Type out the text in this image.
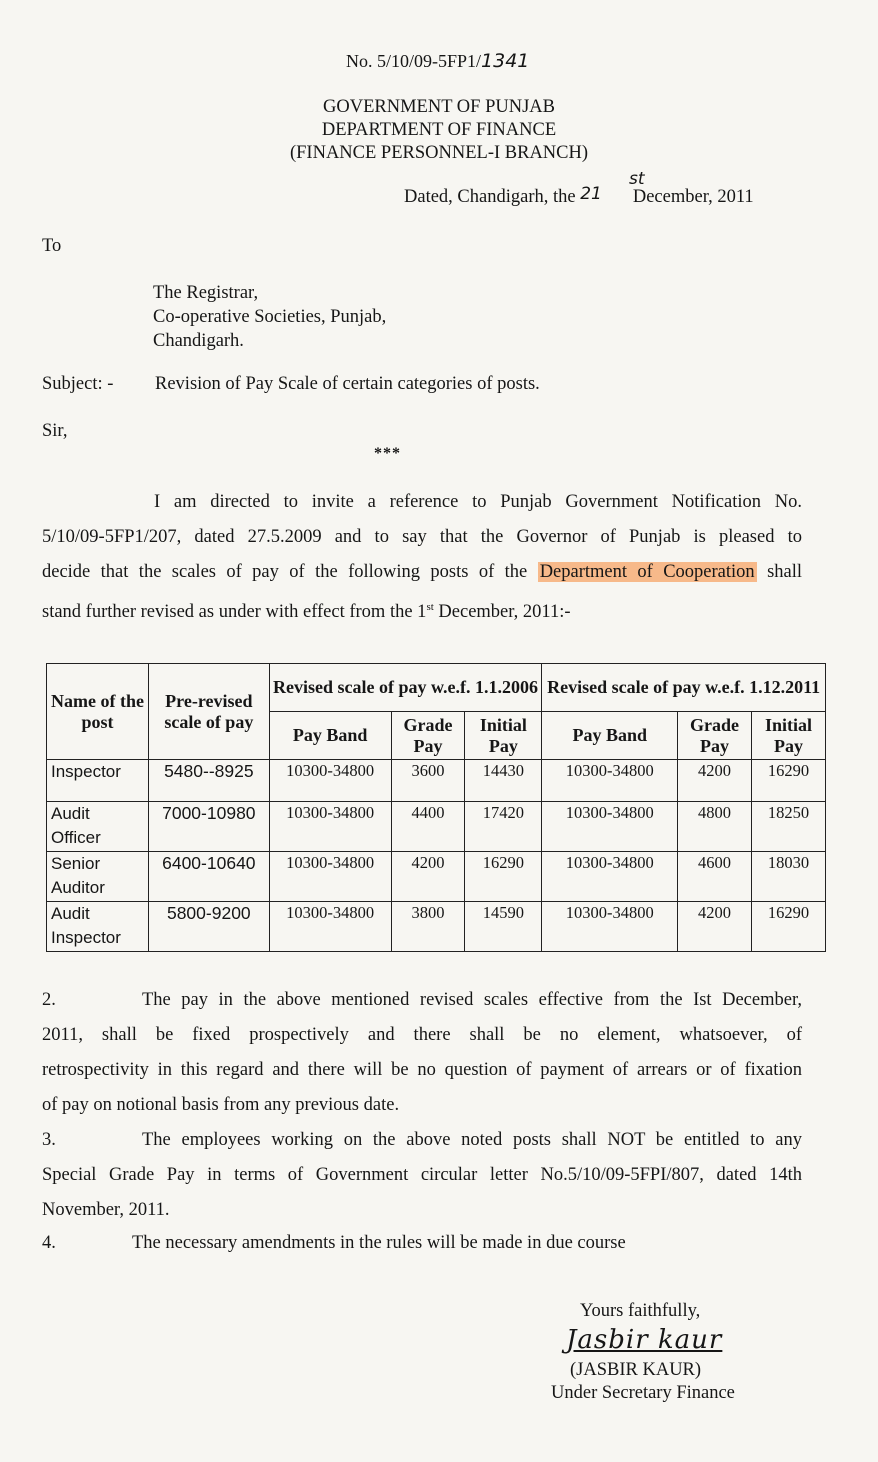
No. 5/10/09-5FP1/1341
GOVERNMENT OF PUNJAB
DEPARTMENT OF FINANCE
(FINANCE PERSONNEL-I BRANCH)
Dated, Chandigarh, the 21
st
December, 2011
To
The Registrar,
Co-operative Societies, Punjab,
Chandigarh.
Subject: - Revision of Pay Scale of certain categories of posts.
Sir,
***
I am directed to invite a reference to Punjab Government Notification No.
5/10/09-5FP1/207, dated 27.5.2009 and to say that the Governor of Punjab is pleased to
decide that the scales of pay of the following posts of the Department of Cooperation shall
stand further revised as under with effect from the 1st December, 2011:-
Name of the post	Pre-revised scale of pay	Revised scale of pay w.e.f. 1.1.2006			Revised scale of pay w.e.f. 1.12.2011		
		Pay Band	Grade Pay	Initial Pay	Pay Band	Grade Pay	Initial Pay
Inspector	5480--8925	10300-34800	3600	14430	10300-34800	4200	16290
Audit
Officer	7000-10980	10300-34800	4400	17420	10300-34800	4800	18250
Senior
Auditor	6400-10640	10300-34800	4200	16290	10300-34800	4600	18030
Audit
Inspector	5800-9200	10300-34800	3800	14590	10300-34800	4200	16290
2.	The pay in the above mentioned revised scales effective from the Ist December,
2011, shall be fixed prospectively and there shall be no element, whatsoever, of
retrospectivity in this regard and there will be no question of payment of arrears or of fixation
of pay on notional basis from any previous date.
3.	The employees working on the above noted posts shall NOT be entitled to any
Special Grade Pay in terms of Government circular letter No.5/10/09-5FPI/807, dated 14th
November, 2011.
4.	The necessary amendments in the rules will be made in due course
Yours faithfully,
Jasbir kaur
(JASBIR KAUR)
Under Secretary Finance
